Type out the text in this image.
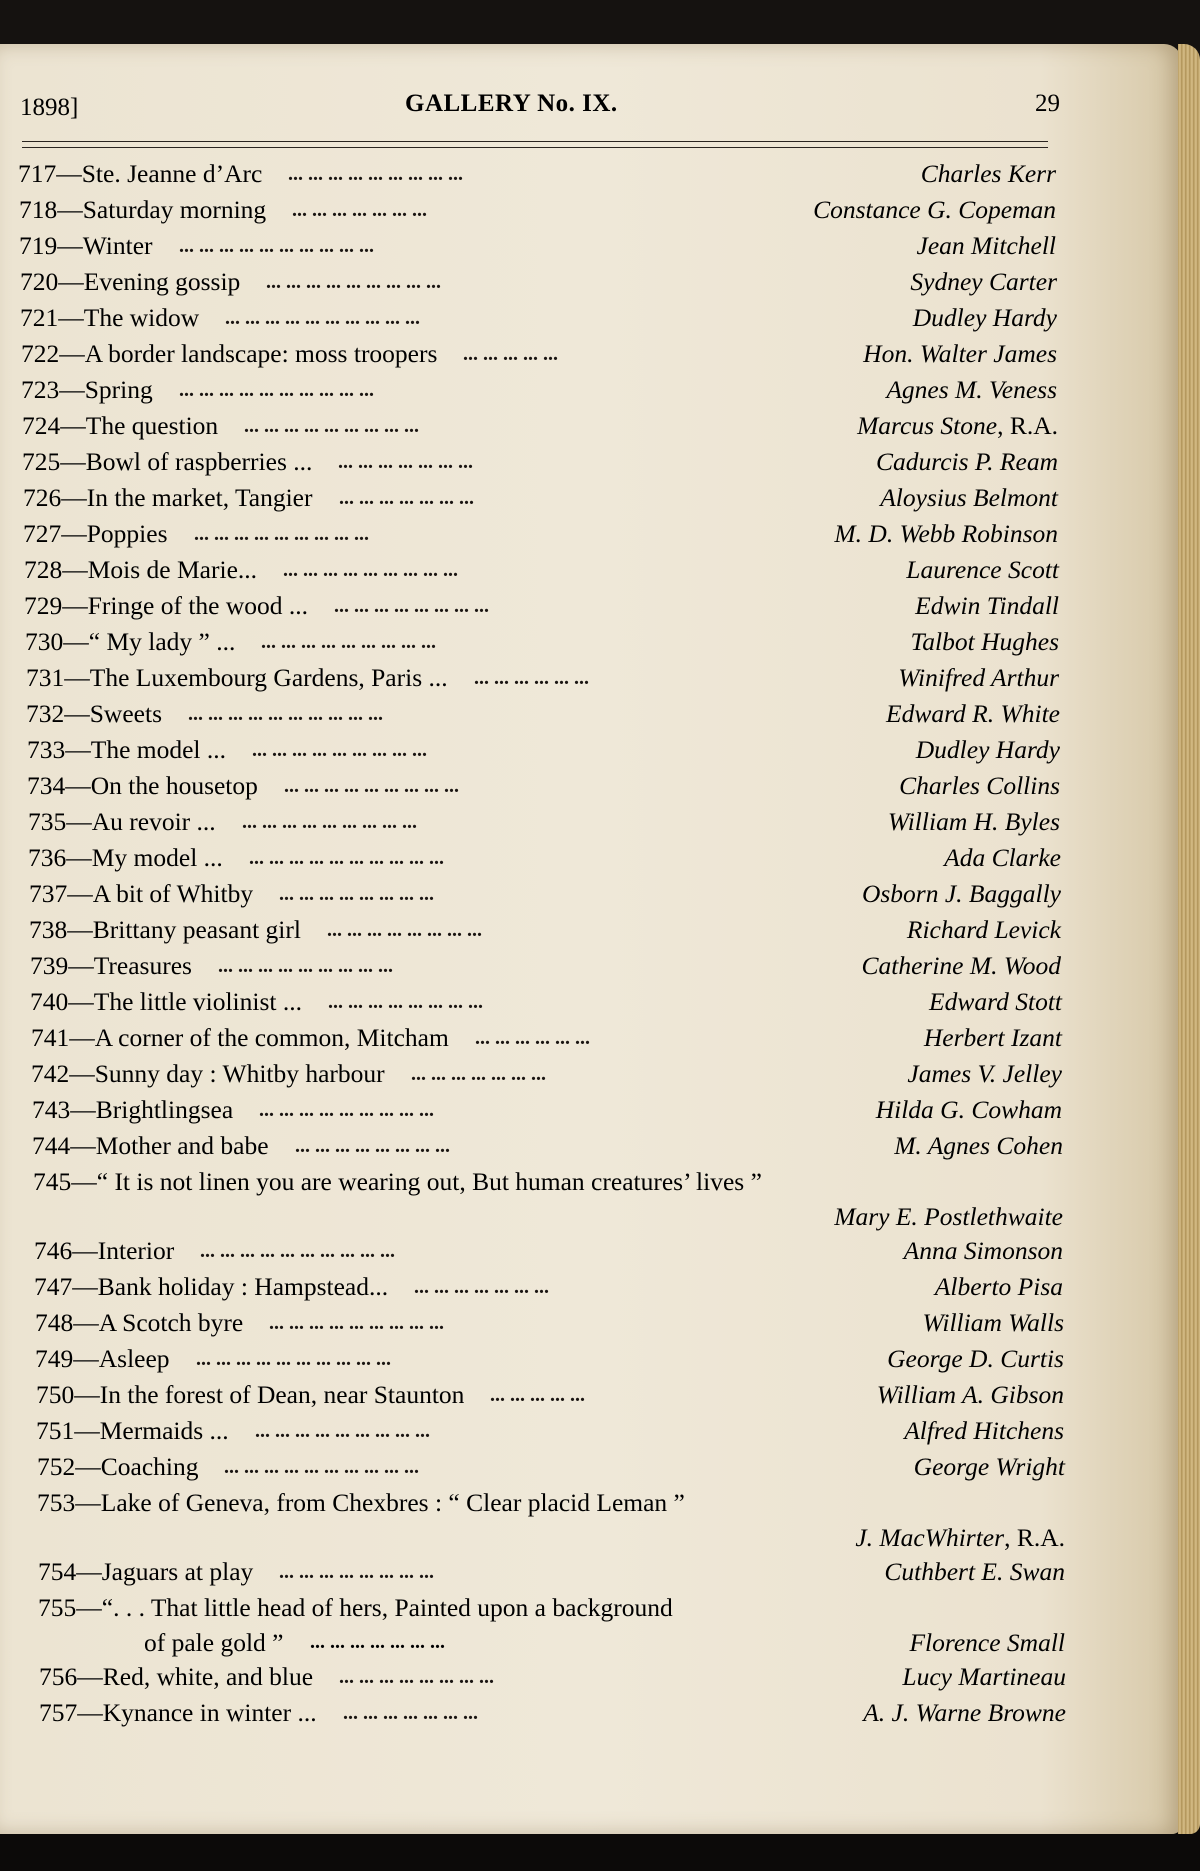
1898]	GALLERY No. IX.	29
717—Ste. Jeanne d’Arc ... ... ... ... ... ... ... ... ...	Charles Kerr
718—Saturday morning ... ... ... ... ... ... ...	Constance G. Copeman
719—Winter ... ... ... ... ... ... ... ... ... ...	Jean Mitchell
720—Evening gossip ... ... ... ... ... ... ... ... ...	Sydney Carter
721—The widow ... ... ... ... ... ... ... ... ... ...	Dudley Hardy
722—A border landscape: moss troopers ... ... ... ... ...	Hon. Walter James
723—Spring ... ... ... ... ... ... ... ... ... ...	Agnes M. Veness
724—The question ... ... ... ... ... ... ... ... ...	Marcus Stone, R.A.
725—Bowl of raspberries ... ... ... ... ... ... ... ...	Cadurcis P. Ream
726—In the market, Tangier ... ... ... ... ... ... ...	Aloysius Belmont
727—Poppies ... ... ... ... ... ... ... ... ...	M. D. Webb Robinson
728—Mois de Marie... ... ... ... ... ... ... ... ... ...	Laurence Scott
729—Fringe of the wood ... ... ... ... ... ... ... ... ...	Edwin Tindall
730—“ My lady ” ... ... ... ... ... ... ... ... ... ...	Talbot Hughes
731—The Luxembourg Gardens, Paris ... ... ... ... ... ... ...	Winifred Arthur
732—Sweets ... ... ... ... ... ... ... ... ... ...	Edward R. White
733—The model ... ... ... ... ... ... ... ... ... ...	Dudley Hardy
734—On the housetop ... ... ... ... ... ... ... ... ...	Charles Collins
735—Au revoir ... ... ... ... ... ... ... ... ... ...	William H. Byles
736—My model ... ... ... ... ... ... ... ... ... ... ...	Ada Clarke
737—A bit of Whitby ... ... ... ... ... ... ... ...	Osborn J. Baggally
738—Brittany peasant girl ... ... ... ... ... ... ... ...	Richard Levick
739—Treasures ... ... ... ... ... ... ... ... ...	Catherine M. Wood
740—The little violinist ... ... ... ... ... ... ... ... ...	Edward Stott
741—A corner of the common, Mitcham ... ... ... ... ... ...	Herbert Izant
742—Sunny day : Whitby harbour ... ... ... ... ... ... ...	James V. Jelley
743—Brightlingsea ... ... ... ... ... ... ... ... ...	Hilda G. Cowham
744—Mother and babe ... ... ... ... ... ... ... ...	M. Agnes Cohen
745—“ It is not linen you are wearing out, But human creatures’ lives ”
Mary E. Postlethwaite
746—Interior ... ... ... ... ... ... ... ... ... ...	Anna Simonson
747—Bank holiday : Hampstead... ... ... ... ... ... ... ...	Alberto Pisa
748—A Scotch byre ... ... ... ... ... ... ... ... ...	William Walls
749—Asleep ... ... ... ... ... ... ... ... ... ...	George D. Curtis
750—In the forest of Dean, near Staunton ... ... ... ... ...	William A. Gibson
751—Mermaids ... ... ... ... ... ... ... ... ... ...	Alfred Hitchens
752—Coaching ... ... ... ... ... ... ... ... ... ...	George Wright
753—Lake of Geneva, from Chexbres : “ Clear placid Leman ”
J. MacWhirter, R.A.
754—Jaguars at play ... ... ... ... ... ... ... ...	Cuthbert E. Swan
755—“. . . That little head of hers, Painted upon a background
of pale gold ” ... ... ... ... ... ... ...	Florence Small
756—Red, white, and blue ... ... ... ... ... ... ... ...	Lucy Martineau
757—Kynance in winter ... ... ... ... ... ... ... ...	A. J. Warne Browne
